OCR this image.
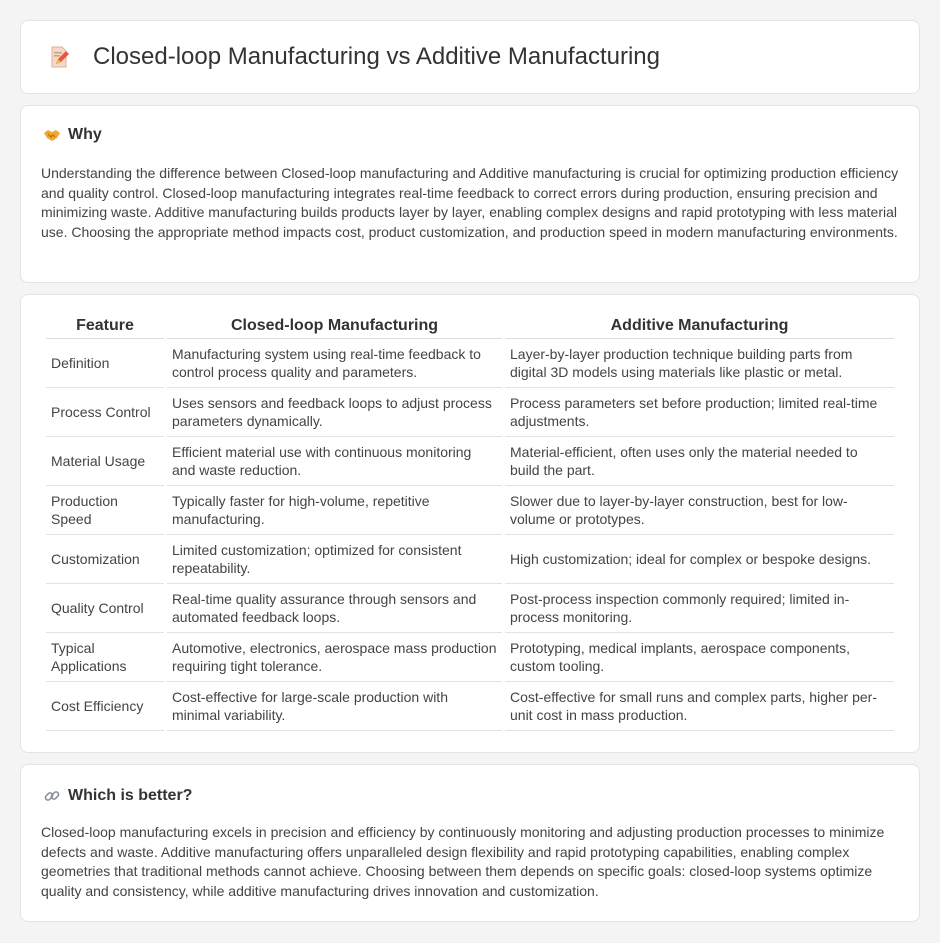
Closed-loop Manufacturing vs Additive Manufacturing
Why

Understanding the difference between Closed-loop manufacturing and Additive manufacturing is crucial for optimizing production efficiency and quality control. Closed-loop manufacturing integrates real-time feedback to correct errors during production, ensuring precision and minimizing waste. Additive manufacturing builds products layer by layer, enabling complex designs and rapid prototyping with less material use. Choosing the appropriate method impacts cost, product customization, and production speed in modern manufacturing environments.

Feature	Closed-loop Manufacturing	Additive Manufacturing
Definition	Manufacturing system using real-time feedback to control process quality and parameters.	Layer-by-layer production technique building parts from digital 3D models using materials like plastic or metal.
Process Control	Uses sensors and feedback loops to adjust process parameters dynamically.	Process parameters set before production; limited real-time adjustments.
Material Usage	Efficient material use with continuous monitoring and waste reduction.	Material-efficient, often uses only the material needed to build the part.
Production Speed	Typically faster for high-volume, repetitive manufacturing.	Slower due to layer-by-layer construction, best for low-volume or prototypes.
Customization	Limited customization; optimized for consistent repeatability.	High customization; ideal for complex or bespoke designs.
Quality Control	Real-time quality assurance through sensors and automated feedback loops.	Post-process inspection commonly required; limited in-process monitoring.
Typical Applications	Automotive, electronics, aerospace mass production requiring tight tolerance.	Prototyping, medical implants, aerospace components, custom tooling.
Cost Efficiency	Cost-effective for large-scale production with minimal variability.	Cost-effective for small runs and complex parts, higher per-unit cost in mass production.
Which is better?

Closed-loop manufacturing excels in precision and efficiency by continuously monitoring and adjusting production processes to minimize defects and waste. Additive manufacturing offers unparalleled design flexibility and rapid prototyping capabilities, enabling complex geometries that traditional methods cannot achieve. Choosing between them depends on specific goals: closed-loop systems optimize quality and consistency, while additive manufacturing drives innovation and customization.
